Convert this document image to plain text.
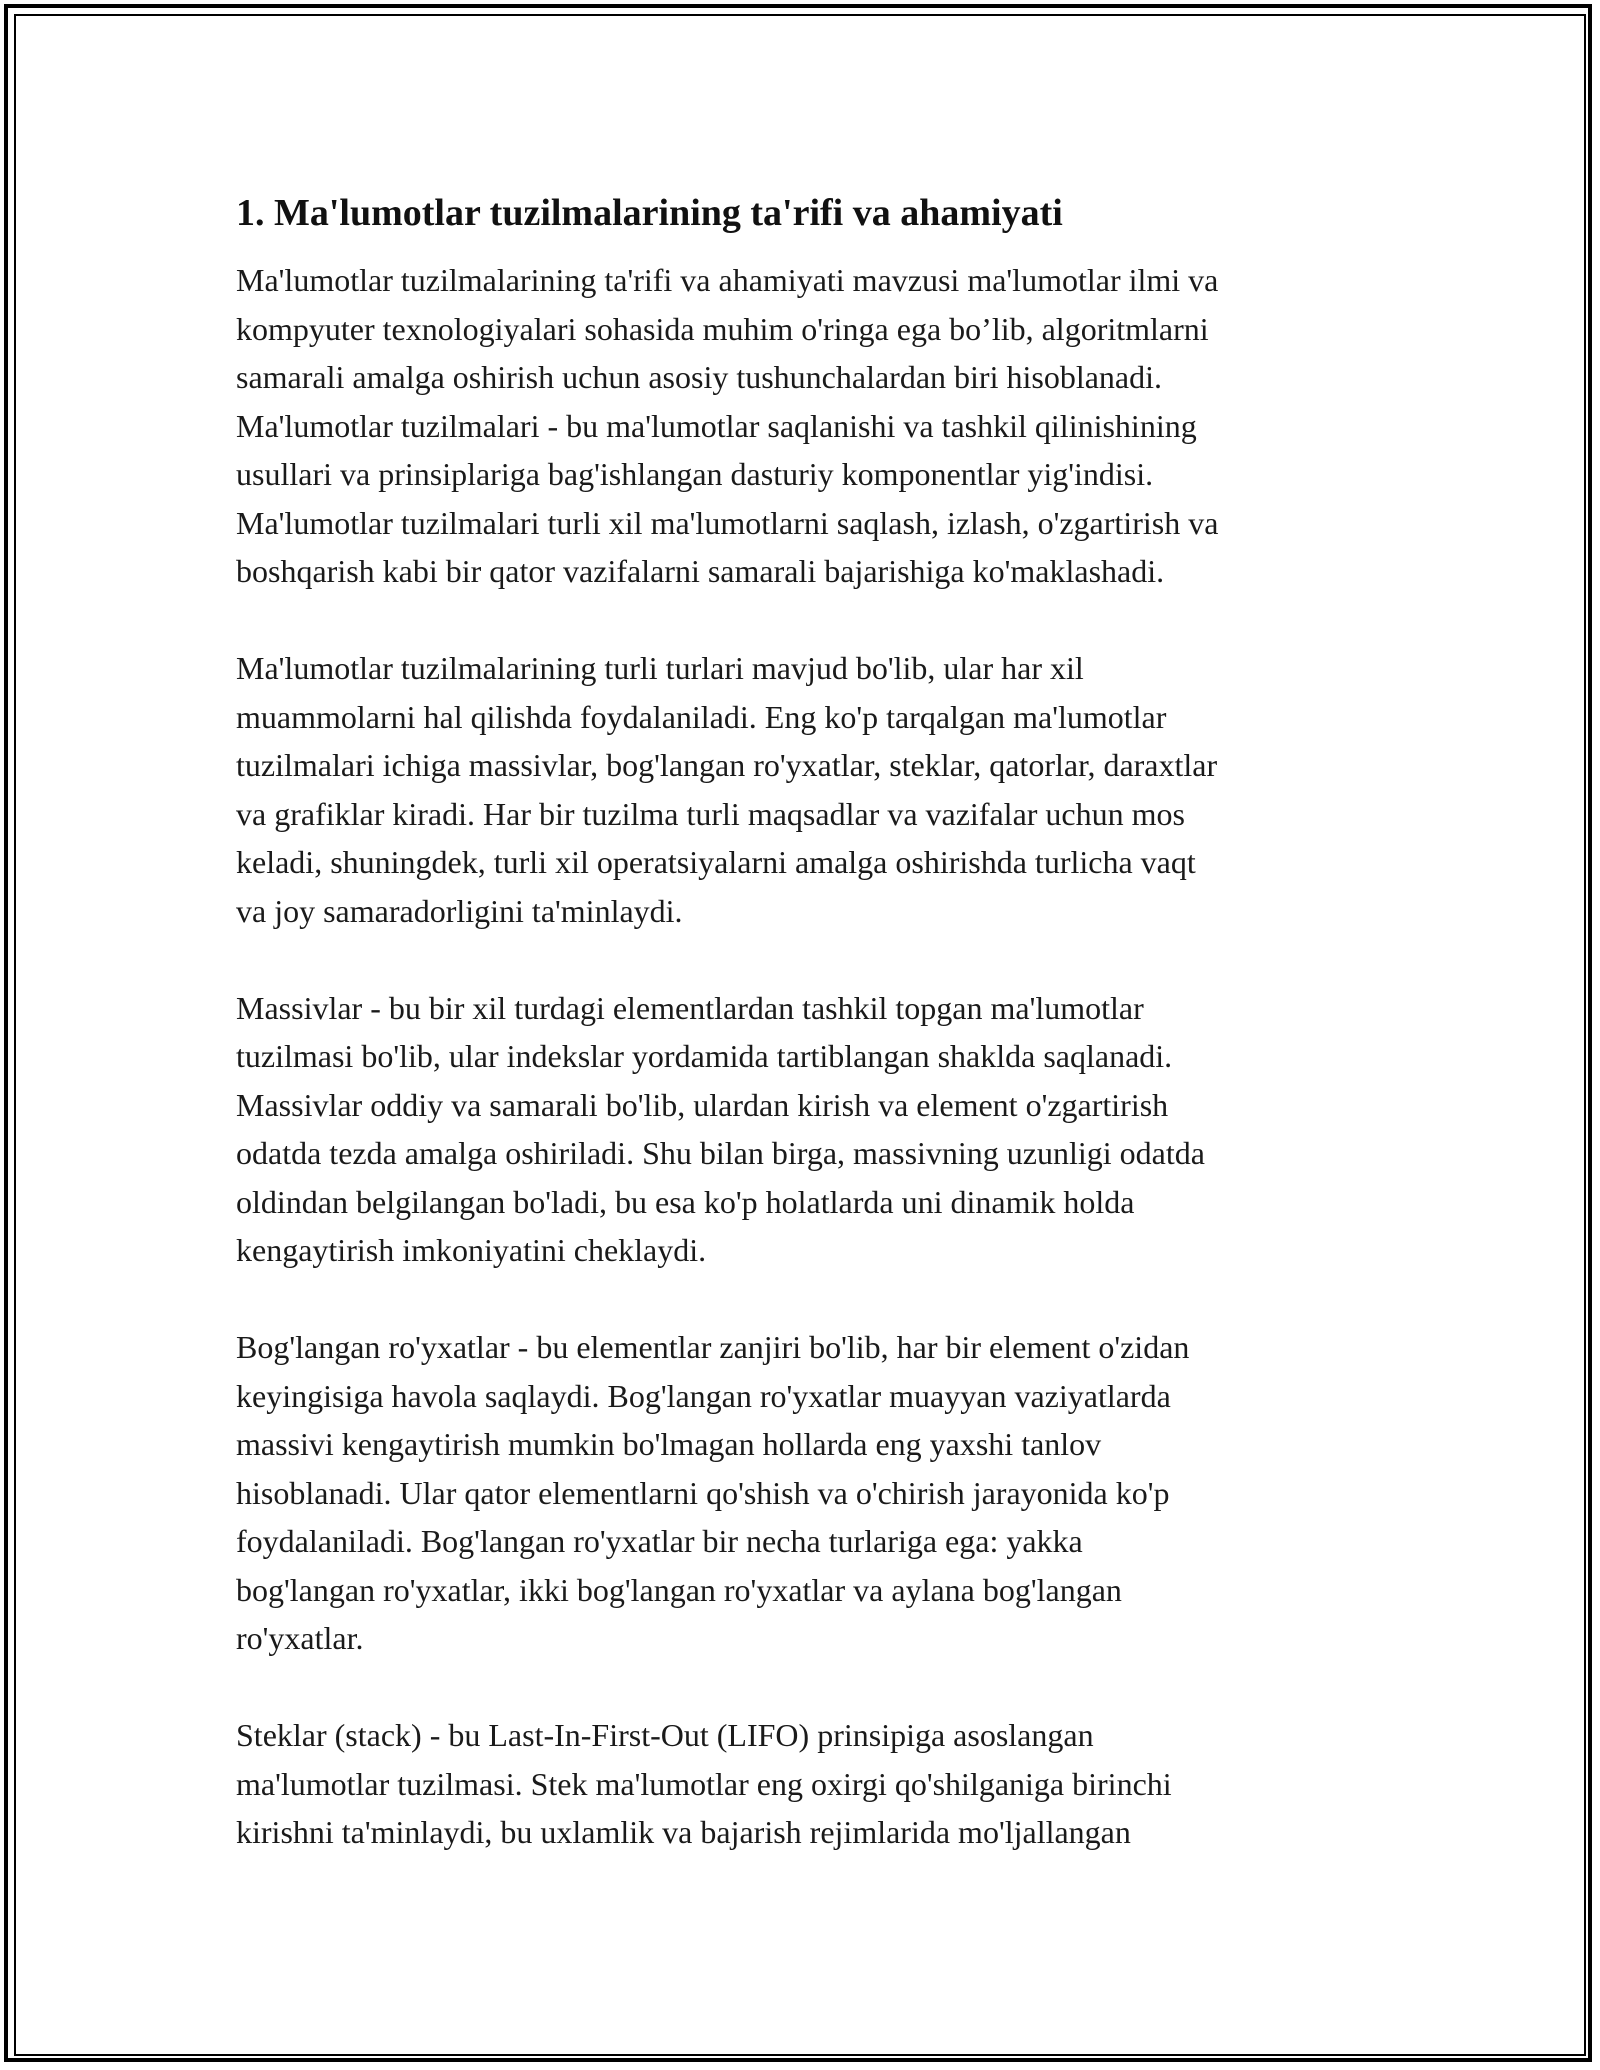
1. Ma'lumotlar tuzilmalarining ta'rifi va ahamiyati

Ma'lumotlar tuzilmalarining ta'rifi va ahamiyati mavzusi ma'lumotlar ilmi va
kompyuter texnologiyalari sohasida muhim o'ringa ega bo’lib, algoritmlarni
samarali amalga oshirish uchun asosiy tushunchalardan biri hisoblanadi.
Ma'lumotlar tuzilmalari - bu ma'lumotlar saqlanishi va tashkil qilinishining
usullari va prinsiplariga bag'ishlangan dasturiy komponentlar yig'indisi.
Ma'lumotlar tuzilmalari turli xil ma'lumotlarni saqlash, izlash, o'zgartirish va
boshqarish kabi bir qator vazifalarni samarali bajarishiga ko'maklashadi.

Ma'lumotlar tuzilmalarining turli turlari mavjud bo'lib, ular har xil
muammolarni hal qilishda foydalaniladi. Eng ko'p tarqalgan ma'lumotlar
tuzilmalari ichiga massivlar, bog'langan ro'yxatlar, steklar, qatorlar, daraxtlar
va grafiklar kiradi. Har bir tuzilma turli maqsadlar va vazifalar uchun mos
keladi, shuningdek, turli xil operatsiyalarni amalga oshirishda turlicha vaqt
va joy samaradorligini ta'minlaydi.

Massivlar - bu bir xil turdagi elementlardan tashkil topgan ma'lumotlar
tuzilmasi bo'lib, ular indekslar yordamida tartiblangan shaklda saqlanadi.
Massivlar oddiy va samarali bo'lib, ulardan kirish va element o'zgartirish
odatda tezda amalga oshiriladi. Shu bilan birga, massivning uzunligi odatda
oldindan belgilangan bo'ladi, bu esa ko'p holatlarda uni dinamik holda
kengaytirish imkoniyatini cheklaydi.

Bog'langan ro'yxatlar - bu elementlar zanjiri bo'lib, har bir element o'zidan
keyingisiga havola saqlaydi. Bog'langan ro'yxatlar muayyan vaziyatlarda
massivi kengaytirish mumkin bo'lmagan hollarda eng yaxshi tanlov
hisoblanadi. Ular qator elementlarni qo'shish va o'chirish jarayonida ko'p
foydalaniladi. Bog'langan ro'yxatlar bir necha turlariga ega: yakka
bog'langan ro'yxatlar, ikki bog'langan ro'yxatlar va aylana bog'langan
ro'yxatlar.

Steklar (stack) - bu Last-In-First-Out (LIFO) prinsipiga asoslangan
ma'lumotlar tuzilmasi. Stek ma'lumotlar eng oxirgi qo'shilganiga birinchi
kirishni ta'minlaydi, bu uxlamlik va bajarish rejimlarida mo'ljallangan
